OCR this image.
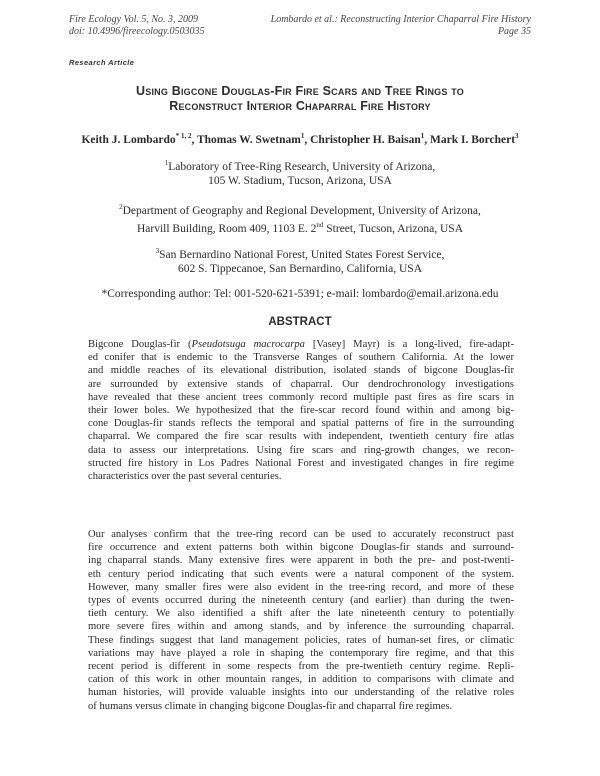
Fire Ecology Vol. 5, No. 3, 2009
doi: 10.4996/fireecology.0503035
Lombardo et al.: Reconstructing Interior Chaparral Fire History
Page 35
Research Article
Using Bigcone Douglas-Fir Fire Scars and Tree Rings to
Reconstruct Interior Chaparral Fire History
Keith J. Lombardo$^{* 1, 2}$, Thomas W. Swetnam$^1$, Christopher H. Baisan$^1$, Mark I. Borchert$^3$
$^1$Laboratory of Tree-Ring Research, University of Arizona,
105 W. Stadium, Tucson, Arizona, USA
$^2$Department of Geography and Regional Development, University of Arizona,
Harvill Building, Room 409, 1103 E. 2nd Street, Tucson, Arizona, USA
$^3$San Bernardino National Forest, United States Forest Service,
602 S. Tippecanoe, San Bernardino, California, USA
*Corresponding author: Tel: 001-520-621-5391; e-mail: lombardo@email.arizona.edu
ABSTRACT
Bigcone Douglas-fir (Pseudotsuga macrocarpa [Vasey] Mayr) is a long-lived, fire-adapt-
ed conifer that is endemic to the Transverse Ranges of southern California. At the lower
and middle reaches of its elevational distribution, isolated stands of bigcone Douglas-fir
are surrounded by extensive stands of chaparral. Our dendrochronology investigations
have revealed that these ancient trees commonly record multiple past fires as fire scars in
their lower boles. We hypothesized that the fire-scar record found within and among big-
cone Douglas-fir stands reflects the temporal and spatial patterns of fire in the surrounding
chaparral. We compared the fire scar results with independent, twentieth century fire atlas
data to assess our interpretations. Using fire scars and ring-growth changes, we recon-
structed fire history in Los Padres National Forest and investigated changes in fire regime
characteristics over the past several centuries.
Our analyses confirm that the tree-ring record can be used to accurately reconstruct past
fire occurrence and extent patterns both within bigcone Douglas-fir stands and surround-
ing chaparral stands. Many extensive fires were apparent in both the pre- and post-twenti-
eth century period indicating that such events were a natural component of the system.
However, many smaller fires were also evident in the tree-ring record, and more of these
types of events occurred during the nineteenth century (and earlier) than during the twen-
tieth century. We also identified a shift after the late nineteenth century to potentially
more severe fires within and among stands, and by inference the surrounding chaparral.
These findings suggest that land management policies, rates of human-set fires, or climatic
variations may have played a role in shaping the contemporary fire regime, and that this
recent period is different in some respects from the pre-twentieth century regime. Repli-
cation of this work in other mountain ranges, in addition to comparisons with climate and
human histories, will provide valuable insights into our understanding of the relative roles
of humans versus climate in changing bigcone Douglas-fir and chaparral fire regimes.
